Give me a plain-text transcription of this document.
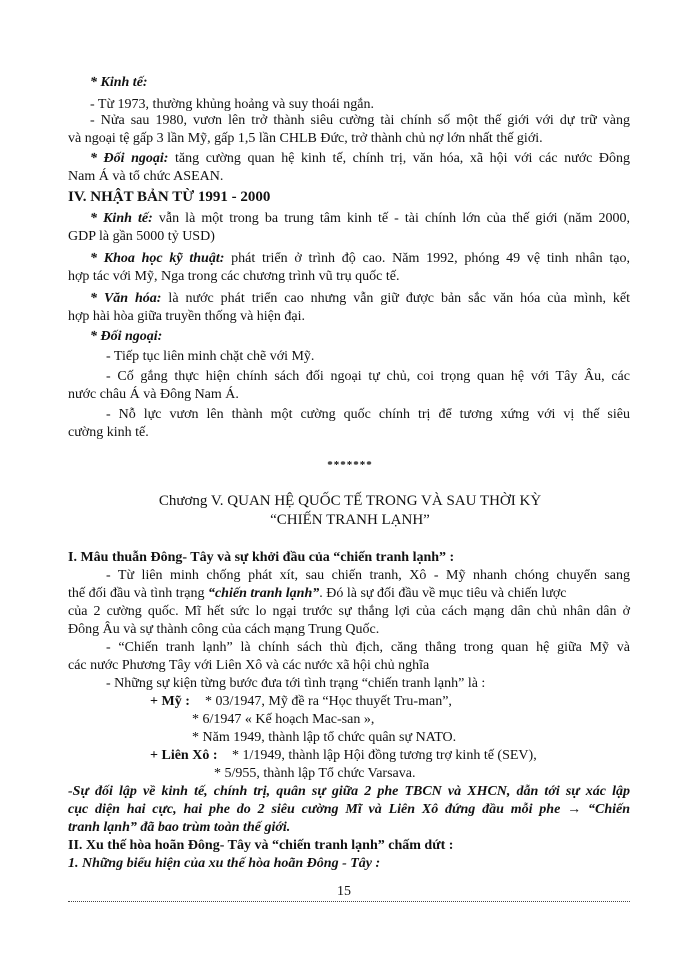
* Kinh tế:
- Từ 1973, thường khủng hoảng và suy thoái ngắn.
- Nửa sau 1980, vươn lên trở thành siêu cường tài chính số một thế giới với dự trữ vàng
và ngoại tệ gấp 3 lần Mỹ, gấp 1,5 lần CHLB Đức, trở thành chủ nợ lớn nhất thế giới.
* Đối ngoại: tăng cường quan hệ kinh tế, chính trị, văn hóa, xã hội với các nước Đông
Nam Á và tổ chức ASEAN.
IV. NHẬT BẢN TỪ 1991 - 2000
* Kinh tế: vẫn là một trong ba trung tâm kinh tế - tài chính lớn của thế giới (năm 2000,
GDP là gần 5000 tỷ USD)
* Khoa học kỹ thuật: phát triển ở trình độ cao. Năm 1992, phóng 49 vệ tinh nhân tạo,
hợp tác với Mỹ, Nga trong các chương trình vũ trụ quốc tế.
* Văn hóa: là nước phát triển cao nhưng vẫn giữ được bản sắc văn hóa của mình, kết
hợp hài hòa giữa truyền thống và hiện đại.
* Đối ngoại:
- Tiếp tục liên minh chặt chẽ với Mỹ.
- Cố gắng thực hiện chính sách đối ngoại tự chủ, coi trọng quan hệ với Tây Âu, các
nước châu Á và Đông Nam Á.
- Nỗ lực vươn lên thành một cường quốc chính trị để tương xứng với vị thế siêu
cường kinh tế.
*******
Chương V. QUAN HỆ QUỐC TẾ TRONG VÀ SAU THỜI KỲ
“CHIẾN TRANH LẠNH”
I. Mâu thuẫn Đông- Tây và sự khởi đầu của “chiến tranh lạnh” :
- Từ liên minh chống phát xít, sau chiến tranh, Xô - Mỹ nhanh chóng chuyển sang
thế đối đầu và tình trạng “chiến tranh lạnh”. Đó là sự đối đầu về mục tiêu và chiến lược
của 2 cường quốc. Mĩ hết sức lo ngại trước sự thắng lợi của cách mạng dân chủ nhân dân ở
Đông Âu và sự thành công của cách mạng Trung Quốc.
- “Chiến tranh lạnh” là chính sách thù địch, căng thẳng trong quan hệ giữa Mỹ và
các nước Phương Tây với Liên Xô và các nước xã hội chủ nghĩa
- Những sự kiện từng bước đưa tới tình trạng “chiến tranh lạnh” là :
+ Mỹ : * 03/1947, Mỹ đề ra “Học thuyết Tru-man”,
* 6/1947 « Kế hoạch Mac-san »,
* Năm 1949, thành lập tổ chức quân sự NATO.
+ Liên Xô : * 1/1949, thành lập Hội đồng tương trợ kinh tế (SEV),
* 5/955, thành lập Tổ chức Varsava.
-Sự đối lập về kinh tế, chính trị, quân sự giữa 2 phe TBCN và XHCN, dẫn tới sự xác lập
cục diện hai cực, hai phe do 2 siêu cường Mĩ và Liên Xô đứng đầu mỗi phe → “Chiến
tranh lạnh” đã bao trùm toàn thế giới.
II. Xu thế hòa hoãn Đông- Tây và “chiến tranh lạnh” chấm dứt :
1. Những biểu hiện của xu thế hòa hoãn Đông - Tây :
15
